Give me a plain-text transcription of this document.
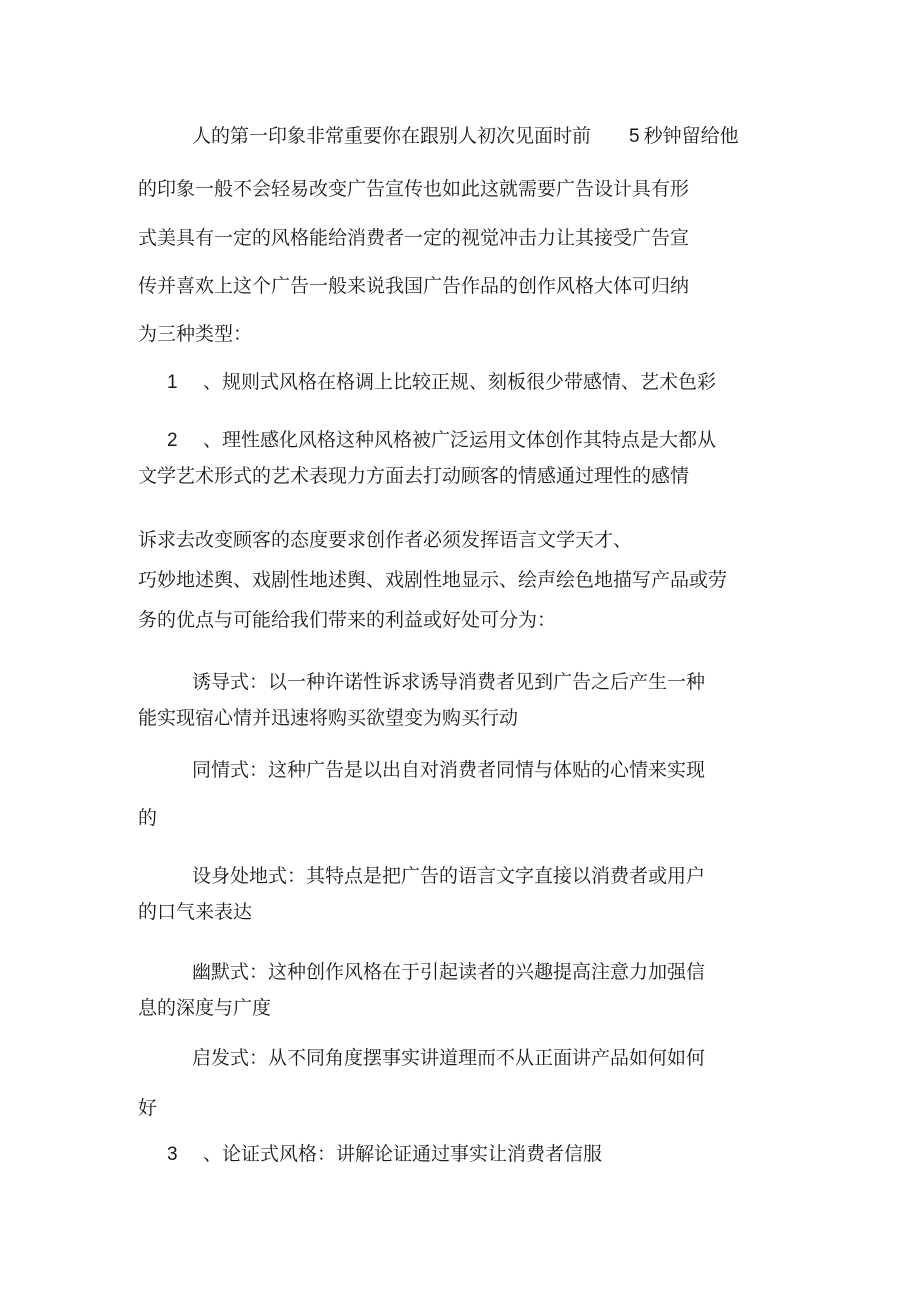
人的第一印象非常重要你在跟别人初次见面时前 5 秒钟留给他
的印象一般不会轻易改变广告宣传也如此这就需要广告设计具有形
式美具有一定的风格能给消费者一定的视觉冲击力让其接受广告宣
传并喜欢上这个广告一般来说我国广告作品的创作风格大体可归纳
为三种类型：
1 、规则式风格在格调上比较正规、刻板很少带感情、艺术色彩
2 、理性感化风格这种风格被广泛运用文体创作其特点是大都从
文学艺术形式的艺术表现力方面去打动顾客的情感通过理性的感情
诉求去改变顾客的态度要求创作者必须发挥语言文学天才、
巧妙地述舆、戏剧性地述舆、戏剧性地显示、绘声绘色地描写产品或劳
务的优点与可能给我们带来的利益或好处可分为：
诱导式：以一种许诺性诉求诱导消费者见到广告之后产生一种
能实现宿心情并迅速将购买欲望变为购买行动
同情式：这种广告是以出自对消费者同情与体贴的心情来实现
的
设身处地式：其特点是把广告的语言文字直接以消费者或用户
的口气来表达
幽默式：这种创作风格在于引起读者的兴趣提高注意力加强信
息的深度与广度
启发式：从不同角度摆事实讲道理而不从正面讲产品如何如何
好
3 、论证式风格：讲解论证通过事实让消费者信服
